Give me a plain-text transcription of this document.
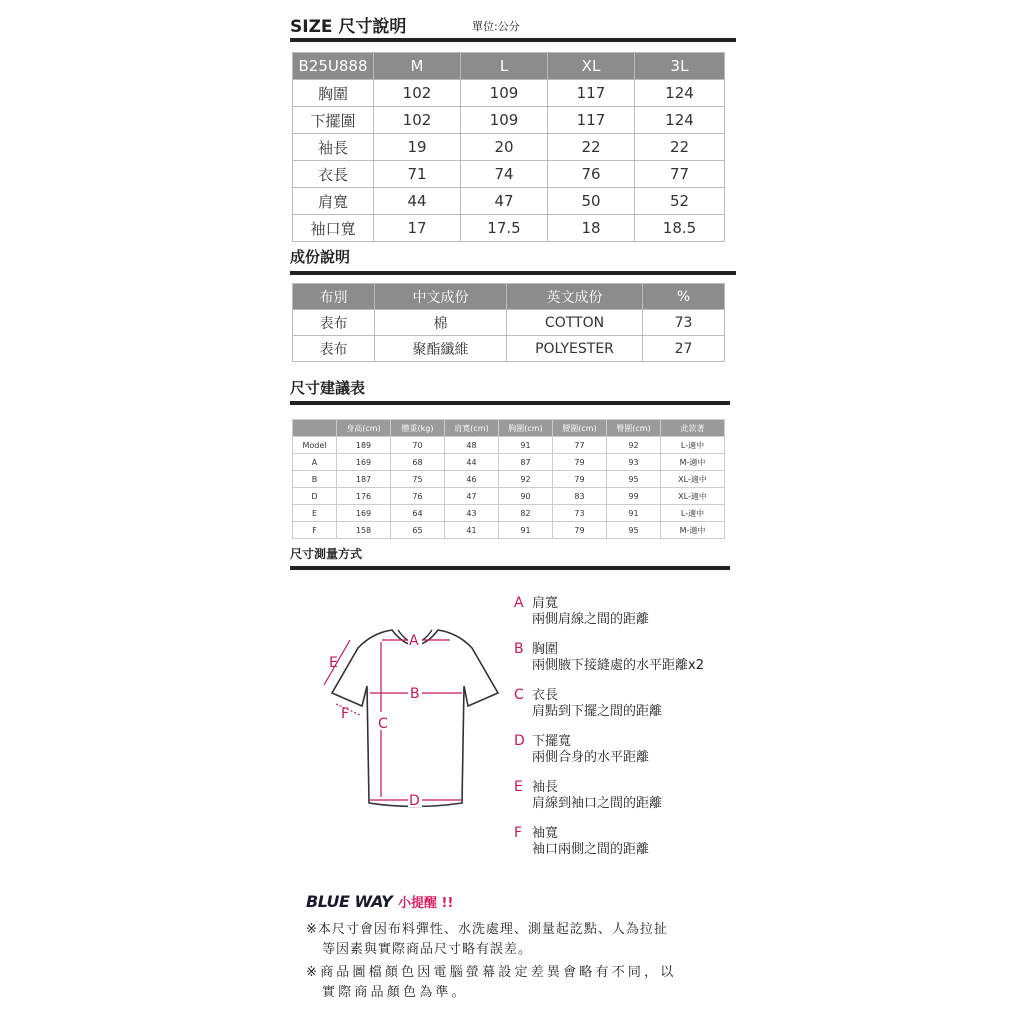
SIZE 尺寸說明	單位:公分
B25U888	M	L	XL	3L
胸圍	102	109	117	124
下擺圍	102	109	117	124
袖長	19	20	22	22
衣長	71	74	76	77
肩寬	44	47	50	52
袖口寬	17	17.5	18	18.5
成份說明
布別	中文成份	英文成份	%
表布	棉	COTTON	73
表布	聚酯纖維	POLYESTER	27
尺寸建議表
	身高(cm)	體重(kg)	肩寬(cm)	胸圍(cm)	腰圍(cm)	臀圍(cm)	此款著
Model	189	70	48	91	77	92	L-適中
A	169	68	44	87	79	93	M-適中
B	187	75	46	92	79	95	XL-適中
D	176	76	47	90	83	99	XL-適中
E	169	64	43	82	73	91	L-適中
F	158	65	41	91	79	95	M-適中
尺寸測量方式
A
B
C
D
E
F
A 肩寬
兩側肩線之間的距離
B 胸圍
兩側腋下接縫處的水平距離x2
C 衣長
肩點到下擺之間的距離
D 下擺寬
兩側合身的水平距離
E 袖長
肩線到袖口之間的距離
F 袖寬
袖口兩側之間的距離
BLUE WAY 小提醒 !!
※本尺寸會因布料彈性、水洗處理、測量起訖點、人為拉扯
等因素與實際商品尺寸略有誤差。
※商品圖檔顏色因電腦螢幕設定差異會略有不同，以
實際商品顏色為準。
